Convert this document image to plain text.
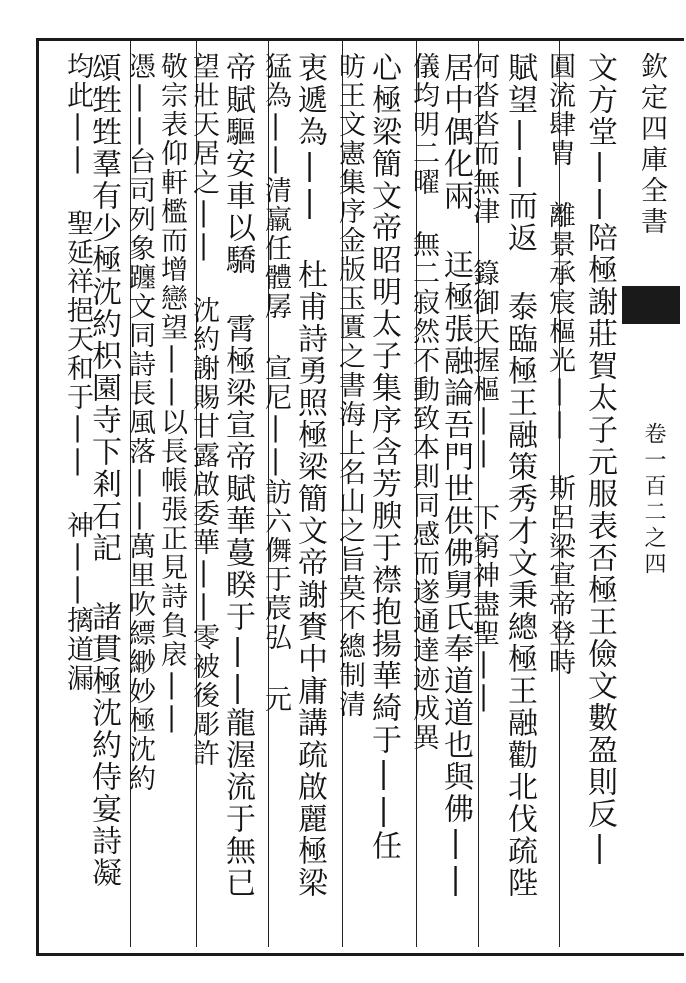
欽定四庫全書
卷一百二之四
文方堂||陪極謝莊賀太子元服表否極王儉文數盈則反|
圓流肆胄 離景承宸樞光|| 斯呂梁宣帝登時
賦望||而返 泰臨極王融策秀才文秉總極王融勸北伐疏陛
何沓沓而無津 籙御天握樞|| 下窮神盡聖||
居中偶化兩 迋極張融論吾門世供佛舅氏奉道道也與佛||
儀均明二曜 無二寂然不動致本則同感而遂通達迹成異
心極梁簡文帝昭明太子集序含芳腴于襟抱揚華綺于||任
昉王文憲集序金版玉匱之書海上名山之旨莫不總制清
衷遞為|| 杜甫詩勇照極梁簡文帝謝賚中庸講疏啟麗極梁
猛為||清羸任體孱 宣尼||訪六儛于莀弘 元
帝賦驅安車以驕 霄極梁宣帝賦華蔓睽于||龍渥流于無已
望壯天居之|| 沈約謝賜甘露啟委華||零被後彫許
敬宗表仰軒檻而增戀望||以長帳張正見詩負扆||
憑||台司列象躔文同詩長風落||萬里吹縹緲妙極沈約
頌甡甡羣有少極沈約枳園寺下剎石記 諸貫極沈約侍宴詩凝
均此|| 聖延祥挹天和于|| 神||摛道漏
